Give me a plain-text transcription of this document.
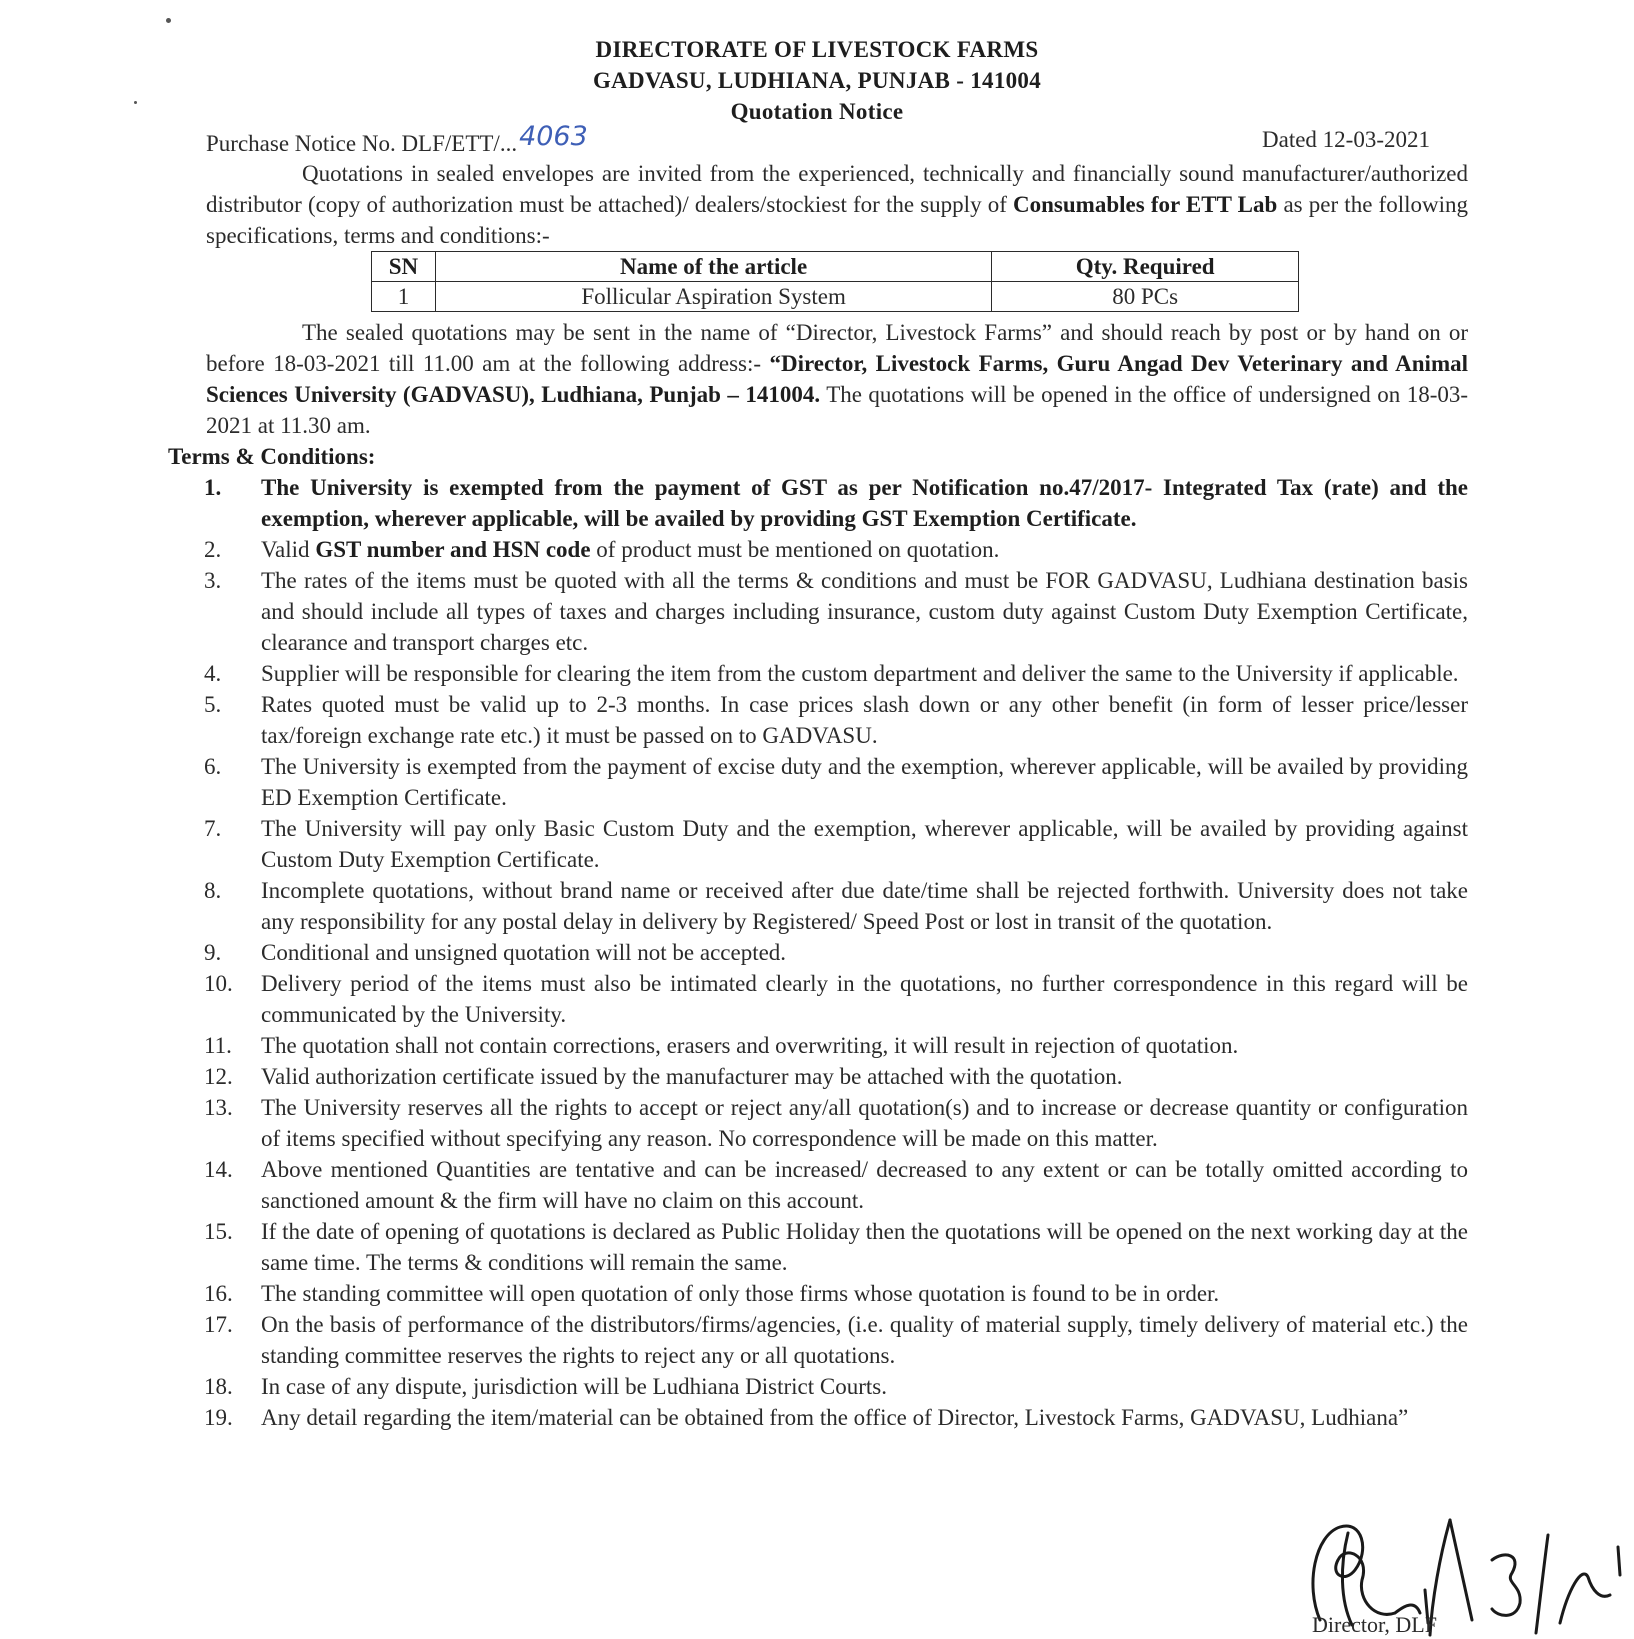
DIRECTORATE OF LIVESTOCK FARMS
GADVASU, LUDHIANA, PUNJAB - 141004
Quotation Notice
Purchase Notice No. DLF/ETT/...4063	Dated 12-03-2021
Quotations in sealed envelopes are invited from the experienced, technically and financially sound manufacturer/authorized distributor (copy of authorization must be attached)/ dealers/stockiest for the supply of Consumables for ETT Lab as per the following specifications, terms and conditions:-
SN	Name of the article	Qty. Required
1	Follicular Aspiration System	80 PCs
The sealed quotations may be sent in the name of “Director, Livestock Farms” and should reach by post or by hand on or before 18-03-2021 till 11.00 am at the following address:- “Director, Livestock Farms, Guru Angad Dev Veterinary and Animal Sciences University (GADVASU), Ludhiana, Punjab – 141004. The quotations will be opened in the office of undersigned on 18-03-2021 at 11.30 am.
Terms & Conditions:
1.	The University is exempted from the payment of GST as per Notification no.47/2017- Integrated Tax (rate) and the exemption, wherever applicable, will be availed by providing GST Exemption Certificate.
2.	Valid GST number and HSN code of product must be mentioned on quotation.
3.	The rates of the items must be quoted with all the terms & conditions and must be FOR GADVASU, Ludhiana destination basis and should include all types of taxes and charges including insurance, custom duty against Custom Duty Exemption Certificate, clearance and transport charges etc.
4.	Supplier will be responsible for clearing the item from the custom department and deliver the same to the University if applicable.
5.	Rates quoted must be valid up to 2-3 months. In case prices slash down or any other benefit (in form of lesser price/lesser tax/foreign exchange rate etc.) it must be passed on to GADVASU.
6.	The University is exempted from the payment of excise duty and the exemption, wherever applicable, will be availed by providing ED Exemption Certificate.
7.	The University will pay only Basic Custom Duty and the exemption, wherever applicable, will be availed by providing against Custom Duty Exemption Certificate.
8.	Incomplete quotations, without brand name or received after due date/time shall be rejected forthwith. University does not take any responsibility for any postal delay in delivery by Registered/ Speed Post or lost in transit of the quotation.
9.	Conditional and unsigned quotation will not be accepted.
10.	Delivery period of the items must also be intimated clearly in the quotations, no further correspondence in this regard will be communicated by the University.
11.	The quotation shall not contain corrections, erasers and overwriting, it will result in rejection of quotation.
12.	Valid authorization certificate issued by the manufacturer may be attached with the quotation.
13.	The University reserves all the rights to accept or reject any/all quotation(s) and to increase or decrease quantity or configuration of items specified without specifying any reason. No correspondence will be made on this matter.
14.	Above mentioned Quantities are tentative and can be increased/ decreased to any extent or can be totally omitted according to sanctioned amount & the firm will have no claim on this account.
15.	If the date of opening of quotations is declared as Public Holiday then the quotations will be opened on the next working day at the same time. The terms & conditions will remain the same.
16.	The standing committee will open quotation of only those firms whose quotation is found to be in order.
17.	On the basis of performance of the distributors/firms/agencies, (i.e. quality of material supply, timely delivery of material etc.) the standing committee reserves the rights to reject any or all quotations.
18.	In case of any dispute, jurisdiction will be Ludhiana District Courts.
19.	Any detail regarding the item/material can be obtained from the office of Director, Livestock Farms, GADVASU, Ludhiana”
Director, DLF
